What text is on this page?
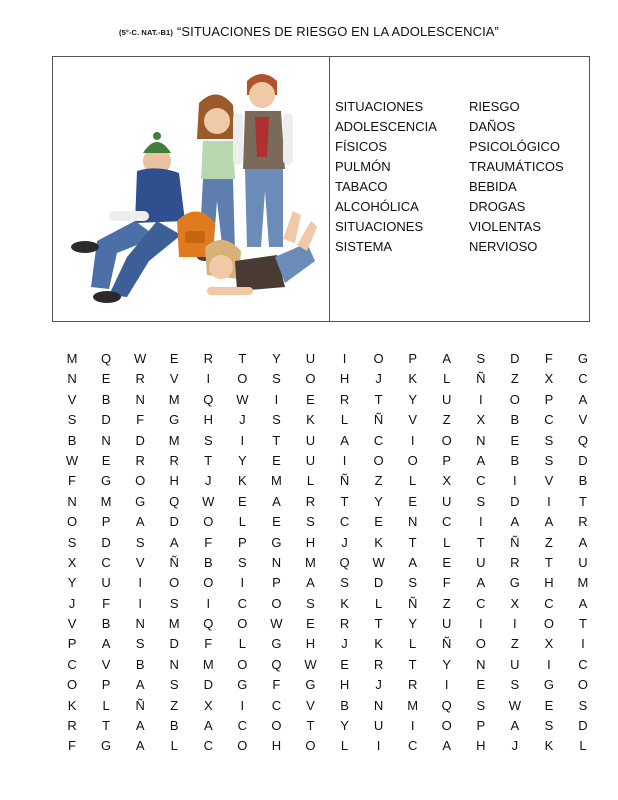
(5°-C. NAT.-B1) “SITUACIONES DE RIESGO EN LA ADOLESCENCIA”
SITUACIONES	RIESGO
ADOLESCENCIA	DAÑOS
FÍSICOS	PSICOLÓGICO
PULMÓN	TRAUMÁTICOS
TABACO	BEBIDA
ALCOHÓLICA	DROGAS
SITUACIONES	VIOLENTAS
SISTEMA	NERVIOSO
M	Q	W	E	R	T	Y	U	I	O	P	A	S	D	F	G
N	E	R	V	I	O	S	O	H	J	K	L	Ñ	Z	X	C
V	B	N	M	Q	W	I	E	R	T	Y	U	I	O	P	A
S	D	F	G	H	J	S	K	L	Ñ	V	Z	X	B	C	V
B	N	D	M	S	I	T	U	A	C	I	O	N	E	S	Q
W	E	R	R	T	Y	E	U	I	O	O	P	A	B	S	D
F	G	O	H	J	K	M	L	Ñ	Z	L	X	C	I	V	B
N	M	G	Q	W	E	A	R	T	Y	E	U	S	D	I	T
O	P	A	D	O	L	E	S	C	E	N	C	I	A	A	R
S	D	S	A	F	P	G	H	J	K	T	L	T	Ñ	Z	A
X	C	V	Ñ	B	S	N	M	Q	W	A	E	U	R	T	U
Y	U	I	O	O	I	P	A	S	D	S	F	A	G	H	M
J	F	I	S	I	C	O	S	K	L	Ñ	Z	C	X	C	A
V	B	N	M	Q	O	W	E	R	T	Y	U	I	I	O	T
P	A	S	D	F	L	G	H	J	K	L	Ñ	O	Z	X	I
C	V	B	N	M	O	Q	W	E	R	T	Y	N	U	I	C
O	P	A	S	D	G	F	G	H	J	R	I	E	S	G	O
K	L	Ñ	Z	X	I	C	V	B	N	M	Q	S	W	E	S
R	T	A	B	A	C	O	T	Y	U	I	O	P	A	S	D
F	G	A	L	C	O	H	O	L	I	C	A	H	J	K	L
